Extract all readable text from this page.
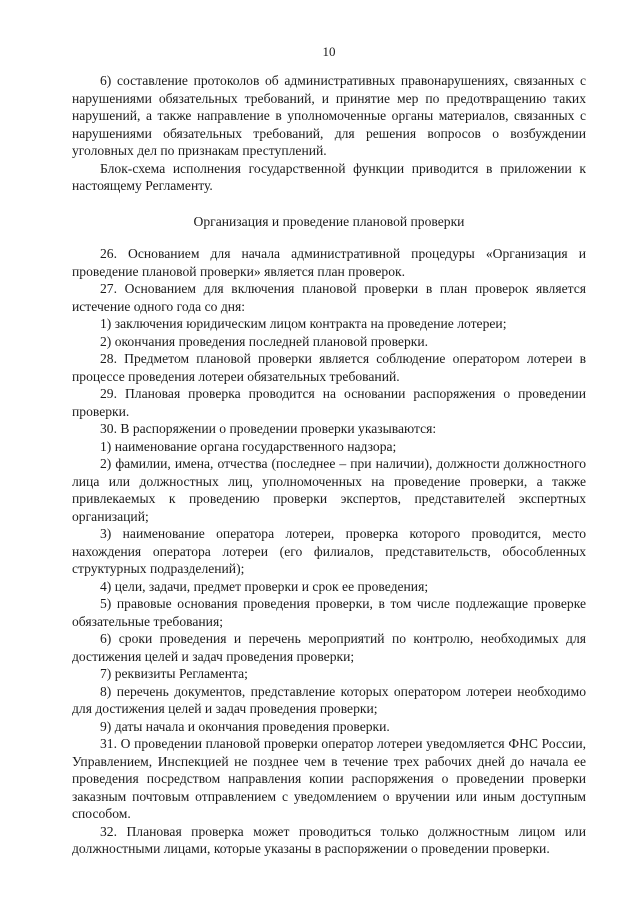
10

6) составление протоколов об административных правонарушениях, связанных с нарушениями обязательных требований, и принятие мер по предотвращению таких нарушений, а также направление в уполномоченные органы материалов, связанных с нарушениями обязательных требований, для решения вопросов о возбуждении уголовных дел по признакам преступлений.

Блок-схема исполнения государственной функции приводится в приложении к настоящему Регламенту.

Организация и проведение плановой проверки

26. Основанием для начала административной процедуры «Организация и проведение плановой проверки» является план проверок.

27. Основанием для включения плановой проверки в план проверок является истечение одного года со дня:

1) заключения юридическим лицом контракта на проведение лотереи;

2) окончания проведения последней плановой проверки.

28. Предметом плановой проверки является соблюдение оператором лотереи в процессе проведения лотереи обязательных требований.

29. Плановая проверка проводится на основании распоряжения о проведении проверки.

30. В распоряжении о проведении проверки указываются:

1) наименование органа государственного надзора;

2) фамилии, имена, отчества (последнее – при наличии), должности должностного лица или должностных лиц, уполномоченных на проведение проверки, а также привлекаемых к проведению проверки экспертов, представителей экспертных организаций;

3) наименование оператора лотереи, проверка которого проводится, место нахождения оператора лотереи (его филиалов, представительств, обособленных структурных подразделений);

4) цели, задачи, предмет проверки и срок ее проведения;

5) правовые основания проведения проверки, в том числе подлежащие проверке обязательные требования;

6) сроки проведения и перечень мероприятий по контролю, необходимых для достижения целей и задач проведения проверки;

7) реквизиты Регламента;

8) перечень документов, представление которых оператором лотереи необходимо для достижения целей и задач проведения проверки;

9) даты начала и окончания проведения проверки.

31. О проведении плановой проверки оператор лотереи уведомляется ФНС России, Управлением, Инспекцией не позднее чем в течение трех рабочих дней до начала ее проведения посредством направления копии распоряжения о проведении проверки заказным почтовым отправлением с уведомлением о вручении или иным доступным способом.

32. Плановая проверка может проводиться только должностным лицом или должностными лицами, которые указаны в распоряжении о проведении проверки.
